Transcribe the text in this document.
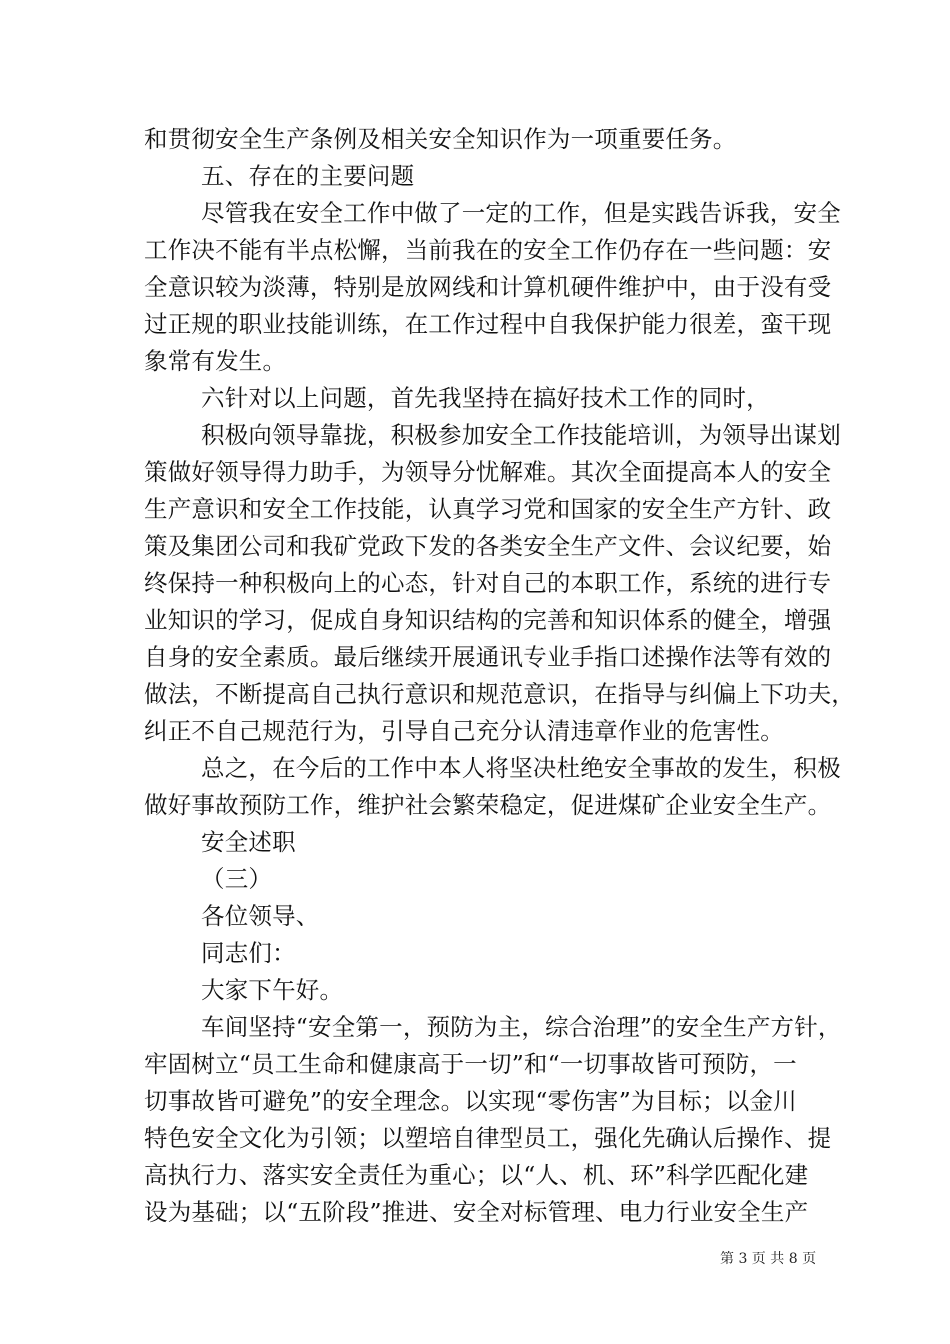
和贯彻安全生产条例及相关安全知识作为一项重要任务。
五、存在的主要问题
尽管我在安全工作中做了一定的工作，但是实践告诉我，安全
工作决不能有半点松懈，当前我在的安全工作仍存在一些问题：安
全意识较为淡薄，特别是放网线和计算机硬件维护中，由于没有受
过正规的职业技能训练，在工作过程中自我保护能力很差，蛮干现
象常有发生。
六针对以上问题，首先我坚持在搞好技术工作的同时，
积极向领导靠拢，积极参加安全工作技能培训，为领导出谋划
策做好领导得力助手，为领导分忧解难。其次全面提高本人的安全
生产意识和安全工作技能，认真学习党和国家的安全生产方针、政
策及集团公司和我矿党政下发的各类安全生产文件、会议纪要，始
终保持一种积极向上的心态，针对自己的本职工作，系统的进行专
业知识的学习，促成自身知识结构的完善和知识体系的健全，增强
自身的安全素质。最后继续开展通讯专业手指口述操作法等有效的
做法，不断提高自己执行意识和规范意识，在指导与纠偏上下功夫，
纠正不自己规范行为，引导自己充分认清违章作业的危害性。
总之，在今后的工作中本人将坚决杜绝安全事故的发生，积极
做好事故预防工作，维护社会繁荣稳定，促进煤矿企业安全生产。
安全述职
（三）
各位领导、
同志们：
大家下午好。
车间坚持“安全第一，预防为主，综合治理”的安全生产方针，
牢固树立“员工生命和健康高于一切”和“一切事故皆可预防，一
切事故皆可避免”的安全理念。以实现“零伤害”为目标；以金川
特色安全文化为引领；以塑培自律型员工，强化先确认后操作、提
高执行力、落实安全责任为重心；以“人、机、环”科学匹配化建
设为基础；以“五阶段”推进、安全对标管理、电力行业安全生产
第 3 页 共 8 页
